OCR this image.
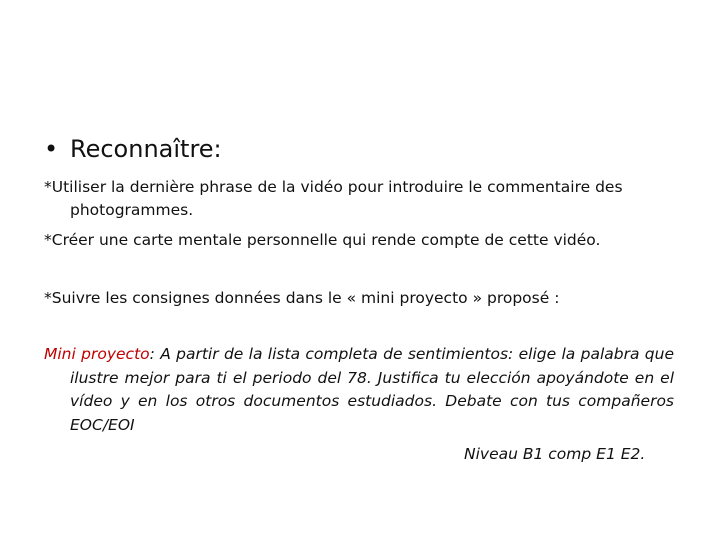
• Reconnaître:
*Utiliser la dernière phrase de la vidéo pour introduire le commentaire des photogrammes.
*Créer une carte mentale personnelle qui rende compte de cette vidéo.
*Suivre les consignes données dans le « mini proyecto » proposé :
Mini proyecto: A partir de la lista completa de sentimientos: elige la palabra que ilustre mejor para ti el periodo del 78. Justifica tu elección apoyándote en el vídeo y en los otros documentos estudiados. Debate con tus compañeros EOC/EOI
Niveau B1 comp E1 E2.
